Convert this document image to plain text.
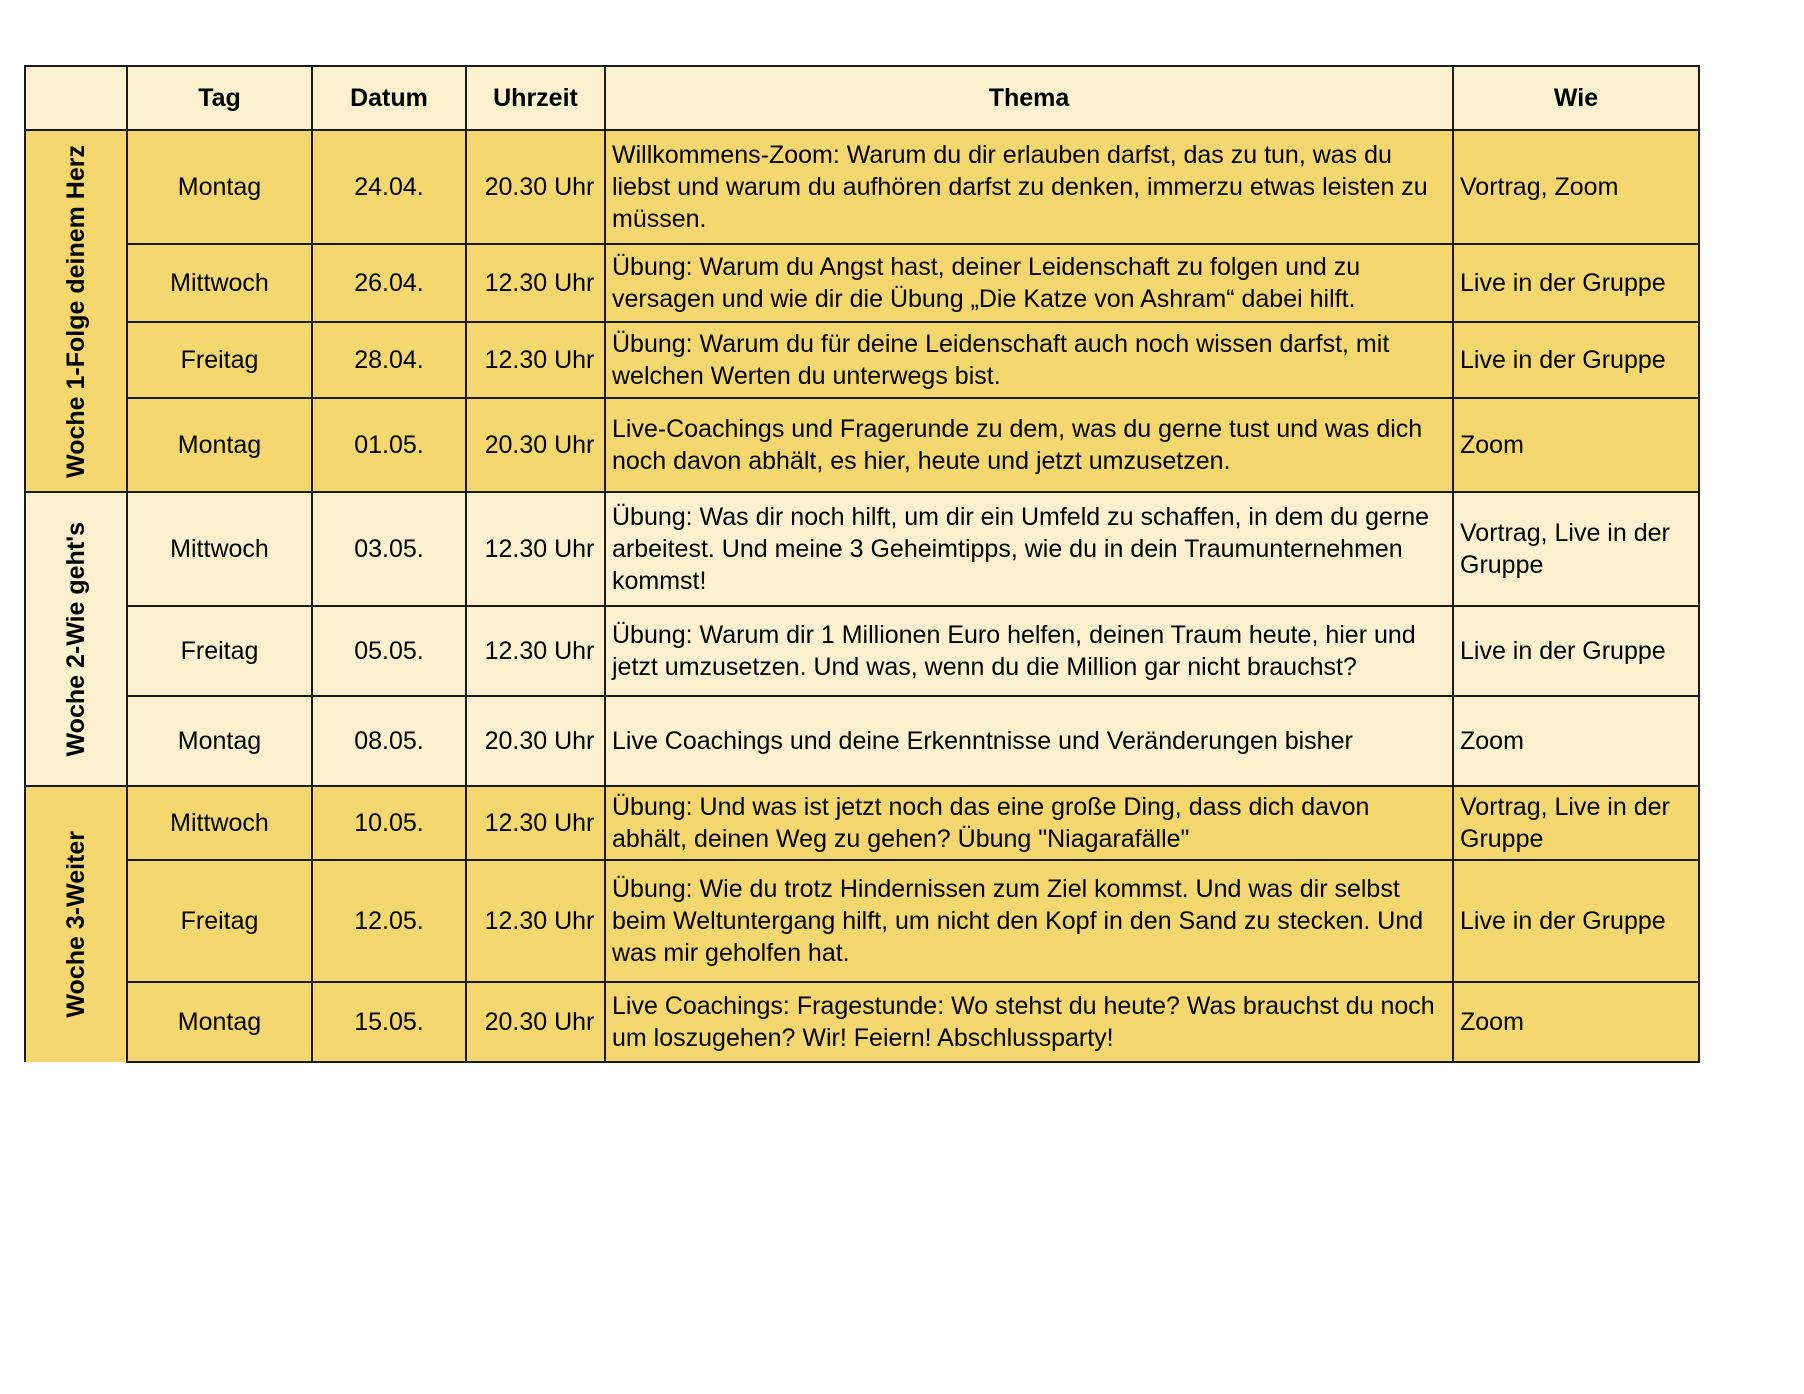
	Tag	Datum	Uhrzeit	Thema	Wie

Woche 1-Folge deinem Herz	Montag	24.04.	20.30 Uhr	Willkommens-Zoom: Warum du dir erlauben darfst, das zu tun, was du liebst und warum du aufhören darfst zu denken, immerzu etwas leisten zu müssen.	Vortrag, Zoom
	Mittwoch	26.04.	12.30 Uhr	Übung: Warum du Angst hast, deiner Leidenschaft zu folgen und zu versagen und wie dir die Übung „Die Katze von Ashram“ dabei hilft.	Live in der Gruppe
	Freitag	28.04.	12.30 Uhr	Übung: Warum du für deine Leidenschaft auch noch wissen darfst, mit welchen Werten du unterwegs bist.	Live in der Gruppe
	Montag	01.05.	20.30 Uhr	Live-Coachings und Fragerunde zu dem, was du gerne tust und was dich noch davon abhält, es hier, heute und jetzt umzusetzen.	Zoom

Woche 2-Wie geht's	Mittwoch	03.05.	12.30 Uhr	Übung: Was dir noch hilft, um dir ein Umfeld zu schaffen, in dem du gerne arbeitest. Und meine 3 Geheimtipps, wie du in dein Traumunternehmen kommst!	Vortrag, Live in der Gruppe
	Freitag	05.05.	12.30 Uhr	Übung: Warum dir 1 Millionen Euro helfen, deinen Traum heute, hier und jetzt umzusetzen. Und was, wenn du die Million gar nicht brauchst?	Live in der Gruppe
	Montag	08.05.	20.30 Uhr	Live Coachings und deine Erkenntnisse und Veränderungen bisher	Zoom

Woche 3-Weiter	Mittwoch	10.05.	12.30 Uhr	Übung: Und was ist jetzt noch das eine große Ding, dass dich davon abhält, deinen Weg zu gehen? Übung "Niagarafälle"	Vortrag, Live in der Gruppe
	Freitag	12.05.	12.30 Uhr	Übung: Wie du trotz Hindernissen zum Ziel kommst. Und was dir selbst beim Weltuntergang hilft, um nicht den Kopf in den Sand zu stecken. Und was mir geholfen hat.	Live in der Gruppe
	Montag	15.05.	20.30 Uhr	Live Coachings: Fragestunde: Wo stehst du heute? Was brauchst du noch um loszugehen? Wir! Feiern! Abschlussparty!	Zoom
